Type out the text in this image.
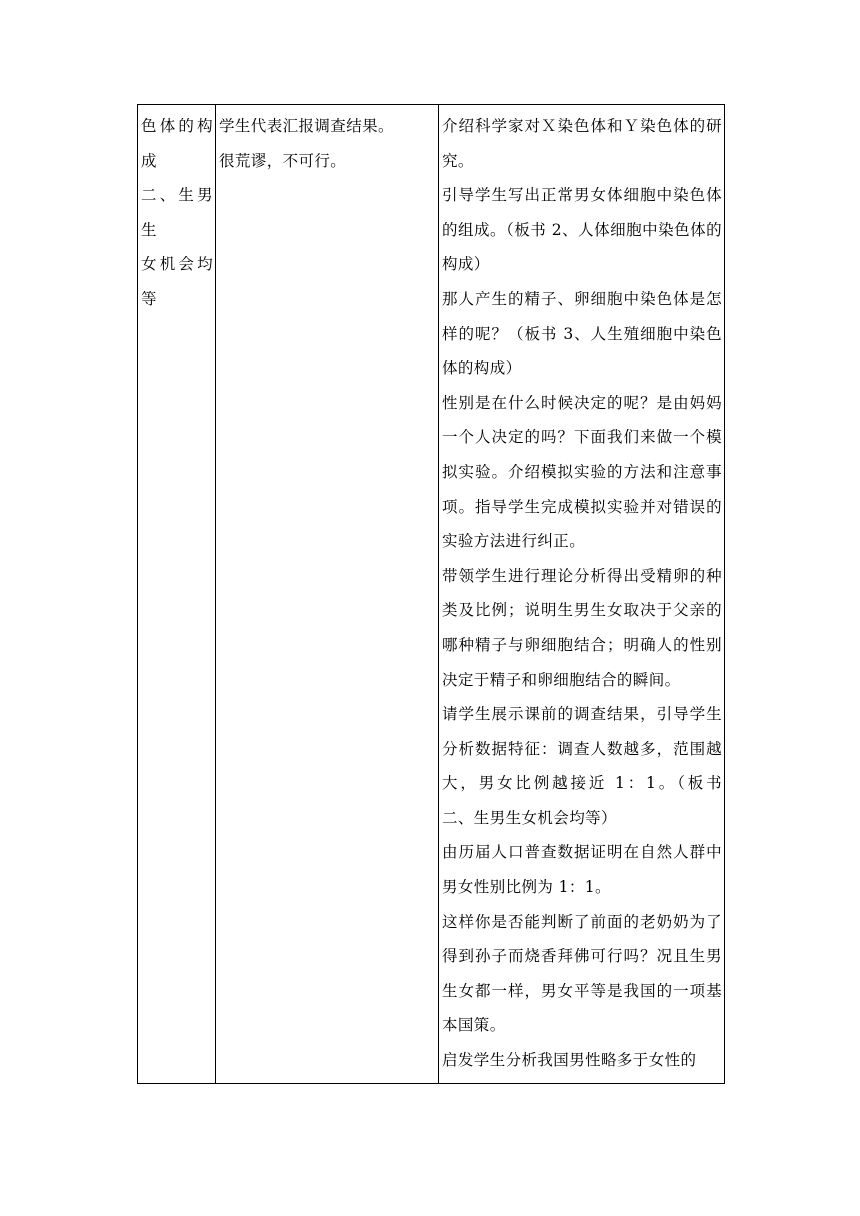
色体的构
成
二、生男生
女机会均
等

学生代表汇报调查结果。
很荒谬，不可行。

介绍科学家对Ｘ染色体和Ｙ染色体的研究。
引导学生写出正常男女体细胞中染色体的组成。（板书 2、人体细胞中染色体的构成）
那人产生的精子、卵细胞中染色体是怎样的呢？（板书 3、人生殖细胞中染色体的构成）
性别是在什么时候决定的呢？是由妈妈一个人决定的吗？下面我们来做一个模拟实验。介绍模拟实验的方法和注意事项。指导学生完成模拟实验并对错误的实验方法进行纠正。
带领学生进行理论分析得出受精卵的种类及比例；说明生男生女取决于父亲的哪种精子与卵细胞结合；明确人的性别决定于精子和卵细胞结合的瞬间。
请学生展示课前的调查结果，引导学生分析数据特征：调查人数越多，范围越大，男女比例越接近 1：1。（板书　　二、生男生女机会均等）
由历届人口普查数据证明在自然人群中男女性别比例为 1：1。
这样你是否能判断了前面的老奶奶为了得到孙子而烧香拜佛可行吗？况且生男生女都一样，男女平等是我国的一项基本国策。
启发学生分析我国男性略多于女性的
